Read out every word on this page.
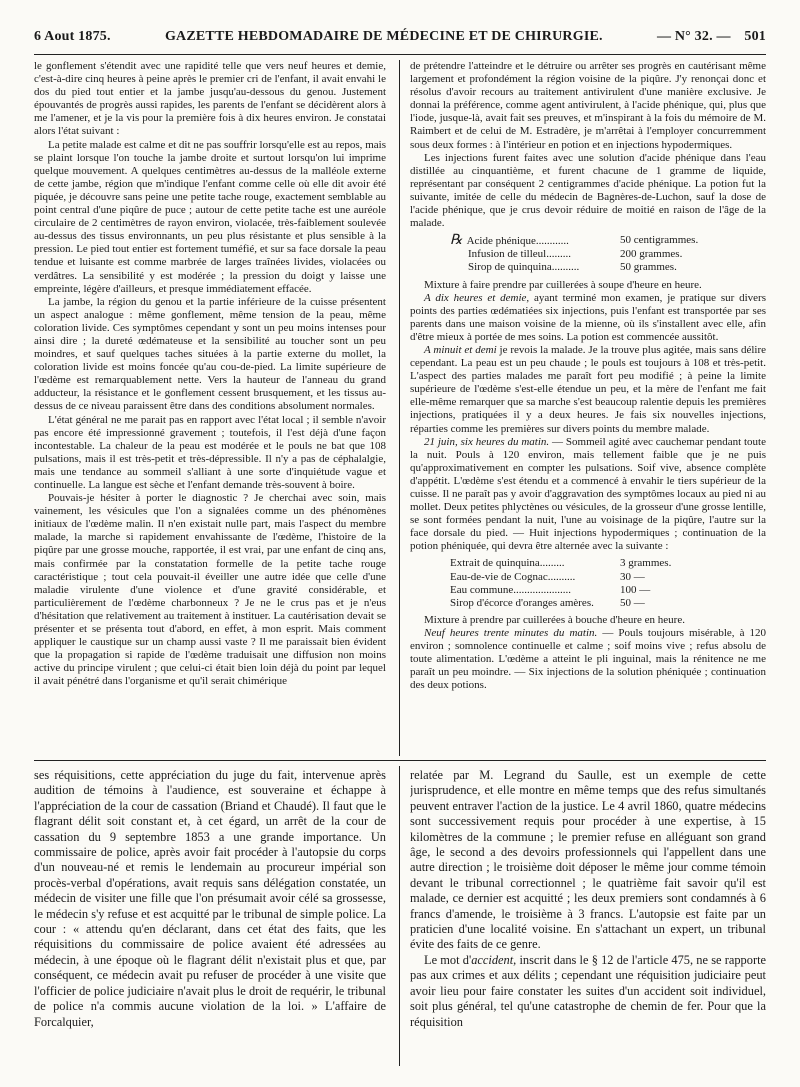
6 Aout 1875.	GAZETTE HEBDOMADAIRE DE MÉDECINE ET DE CHIRURGIE.	— N° 32. — 501

le gonflement s'étendit avec une rapidité telle que vers neuf heures et demie, c'est-à-dire cinq heures à peine après le premier cri de l'enfant, il avait envahi le dos du pied tout entier et la jambe jusqu'au-dessous du genou. Justement épouvantés de progrès aussi rapides, les parents de l'enfant se décidèrent alors à me l'amener, et je la vis pour la première fois à dix heures environ. Je constatai alors l'état suivant :

La petite malade est calme et dit ne pas souffrir lorsqu'elle est au repos, mais se plaint lorsque l'on touche la jambe droite et surtout lorsqu'on lui imprime quelque mouvement. A quelques centimètres au-dessus de la malléole externe de cette jambe, région que m'indique l'enfant comme celle où elle dit avoir été piquée, je découvre sans peine une petite tache rouge, exactement semblable au point central d'une piqûre de puce ; autour de cette petite tache est une auréole circulaire de 2 centimètres de rayon environ, violacée, très-faiblement soulevée au-dessus des tissus environnants, un peu plus résistante et plus sensible à la pression. Le pied tout entier est fortement tuméfié, et sur sa face dorsale la peau tendue et luisante est comme marbrée de larges traînées livides, violacées ou verdâtres. La sensibilité y est modérée ; la pression du doigt y laisse une empreinte, légère d'ailleurs, et presque immédiatement effacée.

La jambe, la région du genou et la partie inférieure de la cuisse présentent un aspect analogue : même gonflement, même tension de la peau, même coloration livide. Ces symptômes cependant y sont un peu moins intenses pour ainsi dire ; la dureté œdémateuse et la sensibilité au toucher sont un peu moindres, et sauf quelques taches situées à la partie externe du mollet, la coloration livide est moins foncée qu'au cou-de-pied. La limite supérieure de l'œdème est remarquablement nette. Vers la hauteur de l'anneau du grand adducteur, la résistance et le gonflement cessent brusquement, et les tissus au-dessus de ce niveau paraissent être dans des conditions absolument normales.

L'état général ne me parait pas en rapport avec l'état local ; il semble n'avoir pas encore été impressionné gravement ; toutefois, il l'est déjà d'une façon incontestable. La chaleur de la peau est modérée et le pouls ne bat que 108 pulsations, mais il est très-petit et très-dépressible. Il n'y a pas de céphalalgie, mais une tendance au sommeil s'alliant à une sorte d'inquiétude vague et continuelle. La langue est sèche et l'enfant demande très-souvent à boire.

Pouvais-je hésiter à porter le diagnostic ? Je cherchai avec soin, mais vainement, les vésicules que l'on a signalées comme un des phénomènes initiaux de l'œdème malin. Il n'en existait nulle part, mais l'aspect du membre malade, la marche si rapidement envahissante de l'œdème, l'histoire de la piqûre par une grosse mouche, rapportée, il est vrai, par une enfant de cinq ans, mais confirmée par la constatation formelle de la petite tache rouge caractéristique ; tout cela pouvait-il éveiller une autre idée que celle d'une maladie virulente d'une violence et d'une gravité considérable, et particulièrement de l'œdème charbonneux ? Je ne le crus pas et je n'eus d'hésitation que relativement au traitement à instituer. La cautérisation devait se présenter et se présenta tout d'abord, en effet, à mon esprit. Mais comment appliquer le caustique sur un champ aussi vaste ? Il me paraissait bien évident que la propagation si rapide de l'œdème traduisait une diffusion non moins active du principe virulent ; que celui-ci était bien loin déjà du point par lequel il avait pénétré dans l'organisme et qu'il serait chimérique

de prétendre l'atteindre et le détruire ou arrêter ses progrès en cautérisant même largement et profondément la région voisine de la piqûre. J'y renonçai donc et résolus d'avoir recours au traitement antivirulent d'une manière exclusive. Je donnai la préférence, comme agent antivirulent, à l'acide phénique, qui, plus que l'iode, jusque-là, avait fait ses preuves, et m'inspirant à la fois du mémoire de M. Raimbert et de celui de M. Estradère, je m'arrêtai à l'employer concurremment sous deux formes : à l'intérieur en potion et en injections hypodermiques.

Les injections furent faites avec une solution d'acide phénique dans l'eau distillée au cinquantième, et furent chacune de 1 gramme de liquide, représentant par conséquent 2 centigrammes d'acide phénique. La potion fut la suivante, imitée de celle du médecin de Bagnères-de-Luchon, sauf la dose de l'acide phénique, que je crus devoir réduire de moitié en raison de l'âge de la malade.

℞ Acide phénique............	50 centigrammes.
Infusion de tilleul.........	200 grammes.
Sirop de quinquina..........	50 grammes.

Mixture à faire prendre par cuillerées à soupe d'heure en heure.

A dix heures et demie, ayant terminé mon examen, je pratique sur divers points des parties œdématiées six injections, puis l'enfant est transportée par ses parents dans une maison voisine de la mienne, où ils s'installent avec elle, afin d'être mieux à portée de mes soins. La potion est commencée aussitôt.

A minuit et demi je revois la malade. Je la trouve plus agitée, mais sans délire cependant. La peau est un peu chaude ; le pouls est toujours à 108 et très-petit. L'aspect des parties malades me paraît fort peu modifié ; à peine la limite supérieure de l'œdème s'est-elle étendue un peu, et la mère de l'enfant me fait elle-même remarquer que sa marche s'est beaucoup ralentie depuis les premières injections, pratiquées il y a deux heures. Je fais six nouvelles injections, réparties comme les premières sur divers points du membre malade.

21 juin, six heures du matin. — Sommeil agité avec cauchemar pendant toute la nuit. Pouls à 120 environ, mais tellement faible que je ne puis qu'approximativement en compter les pulsations. Soif vive, absence complète d'appétit. L'œdème s'est étendu et a commencé à envahir le tiers supérieur de la cuisse. Il ne paraît pas y avoir d'aggravation des symptômes locaux au pied ni au mollet. Deux petites phlyctènes ou vésicules, de la grosseur d'une grosse lentille, se sont formées pendant la nuit, l'une au voisinage de la piqûre, l'autre sur la face dorsale du pied. — Huit injections hypodermiques ; continuation de la potion phéniquée, qui devra être alternée avec la suivante :

Extrait de quinquina.........	3 grammes.
Eau-de-vie de Cognac..........	30 —
Eau commune.....................	100 —
Sirop d'écorce d'oranges amères.	50 —

Mixture à prendre par cuillerées à bouche d'heure en heure.

Neuf heures trente minutes du matin. — Pouls toujours misérable, à 120 environ ; somnolence continuelle et calme ; soif moins vive ; refus absolu de toute alimentation. L'œdème a atteint le pli inguinal, mais la rénitence ne me paraît un peu moindre. — Six injections de la solution phéniquée ; continuation des deux potions.

ses réquisitions, cette appréciation du juge du fait, intervenue après audition de témoins à l'audience, est souveraine et échappe à l'appréciation de la cour de cassation (Briand et Chaudé). Il faut que le flagrant délit soit constant et, à cet égard, un arrêt de la cour de cassation du 9 septembre 1853 a une grande importance. Un commissaire de police, après avoir fait procéder à l'autopsie du corps d'un nouveau-né et remis le lendemain au procureur impérial son procès-verbal d'opérations, avait requis sans délégation constatée, un médecin de visiter une fille que l'on présumait avoir célé sa grossesse, le médecin s'y refuse et est acquitté par le tribunal de simple police. La cour : « attendu qu'en déclarant, dans cet état des faits, que les réquisitions du commissaire de police avaient été adressées au médecin, à une époque où le flagrant délit n'existait plus et que, par conséquent, ce médecin avait pu refuser de procéder à une visite que l'officier de police judiciaire n'avait plus le droit de requérir, le tribunal de police n'a commis aucune violation de la loi. » L'affaire de Forcalquier,

relatée par M. Legrand du Saulle, est un exemple de cette jurisprudence, et elle montre en même temps que des refus simultanés peuvent entraver l'action de la justice. Le 4 avril 1860, quatre médecins sont successivement requis pour procéder à une expertise, à 15 kilomètres de la commune ; le premier refuse en alléguant son grand âge, le second a des devoirs professionnels qui l'appellent dans une autre direction ; le troisième doit déposer le même jour comme témoin devant le tribunal correctionnel ; le quatrième fait savoir qu'il est malade, ce dernier est acquitté ; les deux premiers sont condamnés à 6 francs d'amende, le troisième à 3 francs. L'autopsie est faite par un praticien d'une localité voisine. En s'attachant un expert, un tribunal évite des faits de ce genre.

Le mot d'accident, inscrit dans le § 12 de l'article 475, ne se rapporte pas aux crimes et aux délits ; cependant une réquisition judiciaire peut avoir lieu pour faire constater les suites d'un accident soit individuel, soit plus général, tel qu'une catastrophe de chemin de fer. Pour que la réquisition
